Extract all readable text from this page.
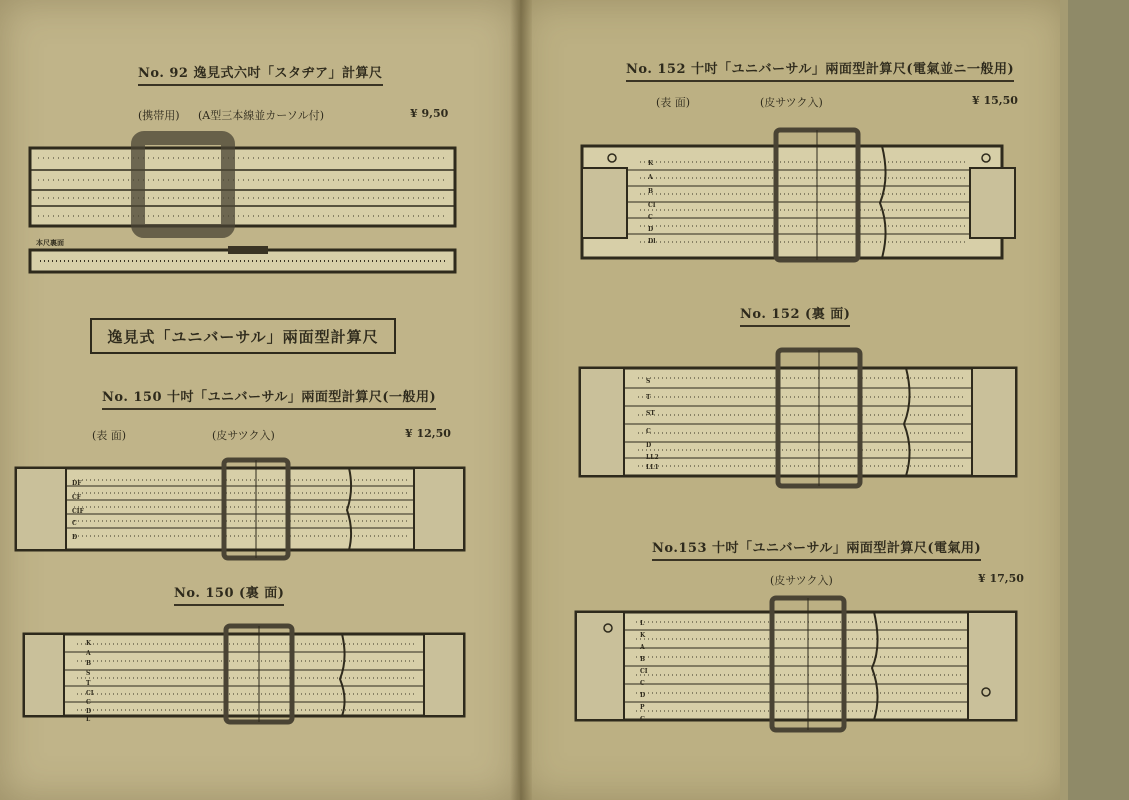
No. 92 逸見式六吋「スタヂア」計算尺
(携帯用) (A型三本線並カーソル付)	¥ 9,50
本尺裏面
逸見式「ユニバーサル」兩面型計算尺
No. 150 十吋「ユニバーサル」兩面型計算尺(一般用)
(表 面)	(皮サツク入)	¥ 12,50
DF
CF
CIF
C
D
No. 150 (裏 面)
K
A
B
S
T
CI
C
D
L
No. 152 十吋「ユニバーサル」兩面型計算尺(電氣並ニ一般用)
(表 面)	(皮サツク入)	¥ 15,50
K
A
B
CI
C
D
Dl
No. 152 (裏 面)
S
T
ST
C
D
LL2
LL1
No.153 十吋「ユニバーサル」兩面型計算尺(電氣用)
(皮サツク入)	¥ 17,50
L
K
A
B
CI
C
D
P
G
